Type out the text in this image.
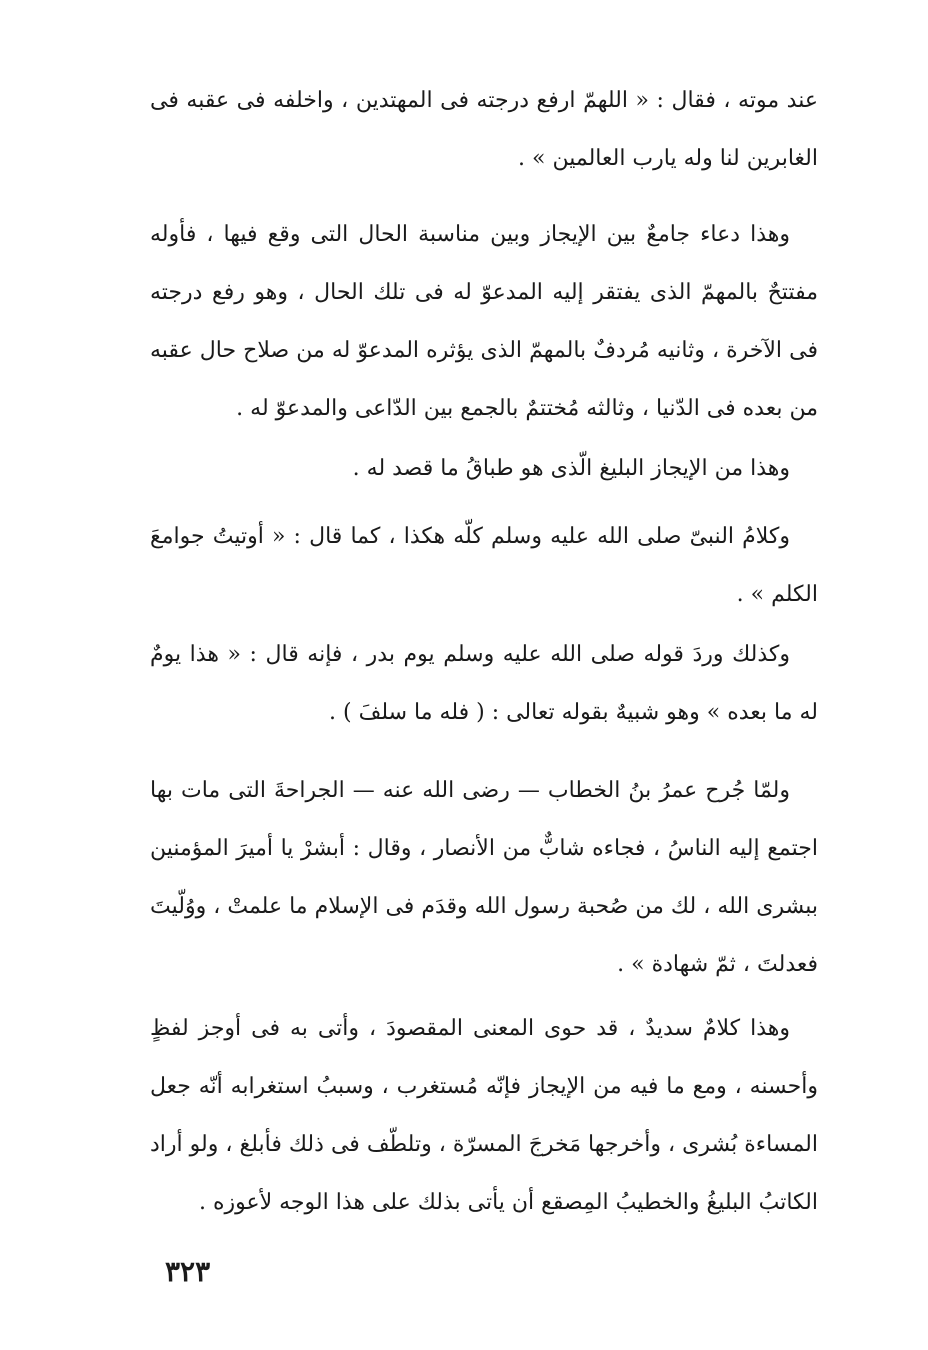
عند موته ، فقال : « اللهمّ ارفع درجته فى المهتدين ، واخلفه فى عقبه فى الغابرين لنا وله يارب العالمين » .

وهذا دعاء جامعٌ بين الإيجاز وبين مناسبة الحال التى وقع فيها ، فأوله مفتتحٌ بالمهمّ الذى يفتقر إليه المدعوّ له فى تلك الحال ، وهو رفع درجته فى الآخرة ، وثانيه مُردفٌ بالمهمّ الذى يؤثره المدعوّ له من صلاح حال عقبه من بعده فى الدّنيا ، وثالثه مُختتمٌ بالجمع بين الدّاعى والمدعوّ له .

وهذا من الإيجاز البليغ الّذى هو طباقُ ما قصد له .

وكلامُ النبىّ صلى الله عليه وسلم كلّه هكذا ، كما قال : « أوتيتُ جوامعَ الكلم » .

وكذلك وردَ قوله صلى الله عليه وسلم يوم بدر ، فإنه قال : « هذا يومٌ له ما بعده » وهو شبيهٌ بقوله تعالى : ( فله ما سلفَ ) .

ولمّا جُرح عمرُ بنُ الخطاب — رضى الله عنه — الجراحةَ التى مات بها اجتمع إليه الناسُ ، فجاءه شابٌّ من الأنصار ، وقال : أبشرْ يا أميرَ المؤمنين ببشرى الله ، لك من صُحبة رسول الله وقدَم فى الإسلام ما علمتْ ، ووُلّيتَ فعدلتَ ، ثمّ شهادة » .

وهذا كلامٌ سديدٌ ، قد حوى المعنى المقصودَ ، وأتى به فى أوجز لفظٍ وأحسنه ، ومع ما فيه من الإيجاز فإنّه مُستغرب ، وسببُ استغرابه أنّه جعل المساءة بُشرى ، وأخرجها مَخرجَ المسرّة ، وتلطّف فى ذلك فأبلغ ، ولو أراد الكاتبُ البليغُ والخطيبُ المِصقع أن يأتى بذلك على هذا الوجه لأعوزه .

٣٢٣
